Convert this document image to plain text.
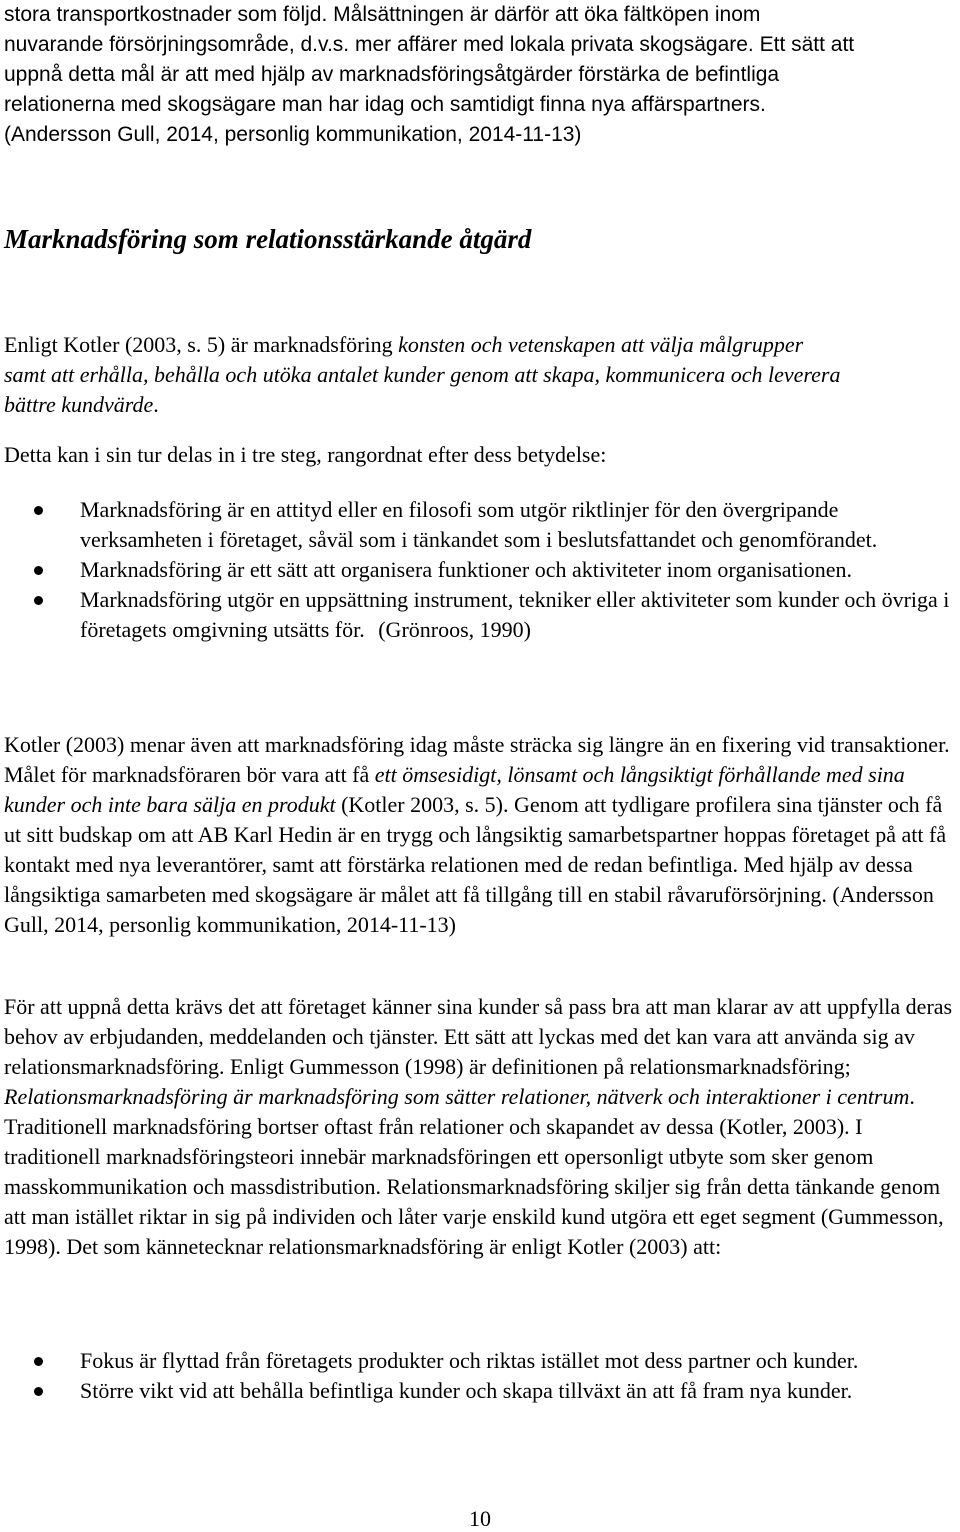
stora transportkostnader som följd. Målsättningen är därför att öka fältköpen inom

nuvarande försörjningsområde, d.v.s. mer affärer med lokala privata skogsägare. Ett sätt att

uppnå detta mål är att med hjälp av marknadsföringsåtgärder förstärka de befintliga

relationerna med skogsägare man har idag och samtidigt finna nya affärspartners.

(Andersson Gull, 2014, personlig kommunikation, 2014-11-13)

Marknadsföring som relationsstärkande åtgärd

Enligt Kotler (2003, s. 5) är marknadsföring konsten och vetenskapen att välja målgrupper samt att erhålla, behålla och utöka antalet kunder genom att skapa, kommunicera och leverera bättre kundvärde.

Detta kan i sin tur delas in i tre steg, rangordnat efter dess betydelse:

Marknadsföring är en attityd eller en filosofi som utgör riktlinjer för den övergripande verksamheten i företaget, såväl som i tänkandet som i beslutsfattandet och genomförandet.
Marknadsföring är ett sätt att organisera funktioner och aktiviteter inom organisationen.
Marknadsföring utgör en uppsättning instrument, tekniker eller aktiviteter som kunder och övriga i företagets omgivning utsätts för. (Grönroos, 1990)

Kotler (2003) menar även att marknadsföring idag måste sträcka sig längre än en fixering vid transaktioner. Målet för marknadsföraren bör vara att få ett ömsesidigt, lönsamt och långsiktigt förhållande med sina kunder och inte bara sälja en produkt (Kotler 2003, s. 5). Genom att tydligare profilera sina tjänster och få ut sitt budskap om att AB Karl Hedin är en trygg och långsiktig samarbetspartner hoppas företaget på att få kontakt med nya leverantörer, samt att förstärka relationen med de redan befintliga. Med hjälp av dessa långsiktiga samarbeten med skogsägare är målet att få tillgång till en stabil råvaruförsörjning. (Andersson Gull, 2014, personlig kommunikation, 2014-11-13)

För att uppnå detta krävs det att företaget känner sina kunder så pass bra att man klarar av att uppfylla deras behov av erbjudanden, meddelanden och tjänster. Ett sätt att lyckas med det kan vara att använda sig av relationsmarknadsföring. Enligt Gummesson (1998) är definitionen på relationsmarknadsföring; Relationsmarknadsföring är marknadsföring som sätter relationer, nätverk och interaktioner i centrum. Traditionell marknadsföring bortser oftast från relationer och skapandet av dessa (Kotler, 2003). I traditionell marknadsföringsteori innebär marknadsföringen ett opersonligt utbyte som sker genom masskommunikation och massdistribution. Relationsmarknadsföring skiljer sig från detta tänkande genom att man istället riktar in sig på individen och låter varje enskild kund utgöra ett eget segment (Gummesson, 1998). Det som kännetecknar relationsmarknadsföring är enligt Kotler (2003) att:

Fokus är flyttad från företagets produkter och riktas istället mot dess partner och kunder.
Större vikt vid att behålla befintliga kunder och skapa tillväxt än att få fram nya kunder.
10
